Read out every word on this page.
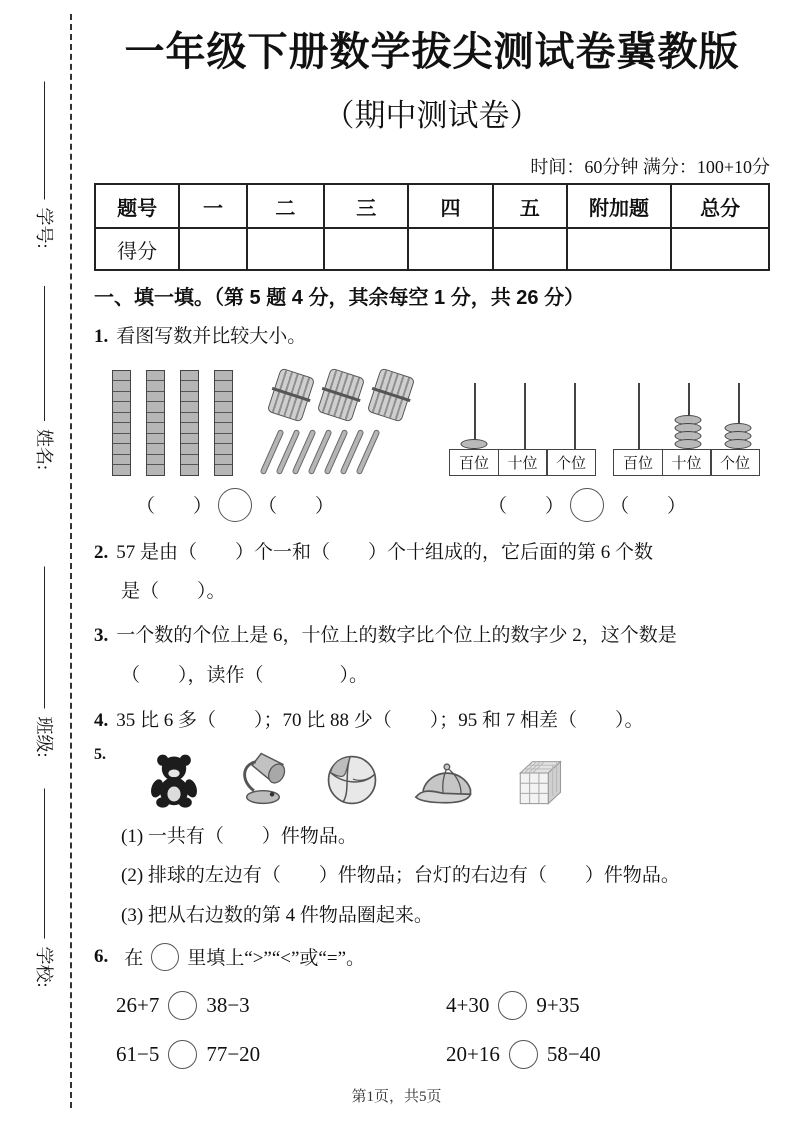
学号:
姓名:
班级:
学校:
一年级下册数学拔尖测试卷冀教版
（期中测试卷）
时间：60分钟 满分：100+10分
题号	一	二	三	四	五	附加题	总分
得分							
一、填一填。（第 5 题 4 分，其余每空 1 分，共 26 分）
1. 看图写数并比较大小。
百位	十位	个位	百位	十位	个位
（　　） （　　）	（　　） （　　）
2. 57 是由（　　）个一和（　　）个十组成的，它后面的第 6 个数
是（　　）。
3. 一个数的个位上是 6，十位上的数字比个位上的数字少 2，这个数是
（　　），读作（　　　　）。
4. 35 比 6 多（　　）；70 比 88 少（　　）；95 和 7 相差（　　）。
5.
(1) 一共有（　　）件物品。
(2) 排球的左边有（　　）件物品；台灯的右边有（　　）件物品。
(3) 把从右边数的第 4 件物品圈起来。
6. 在 里填上“>”“<”或“=”。
26+7 38−3	4+30 9+35
61−5 77−20	20+16 58−40
第1页，共5页
